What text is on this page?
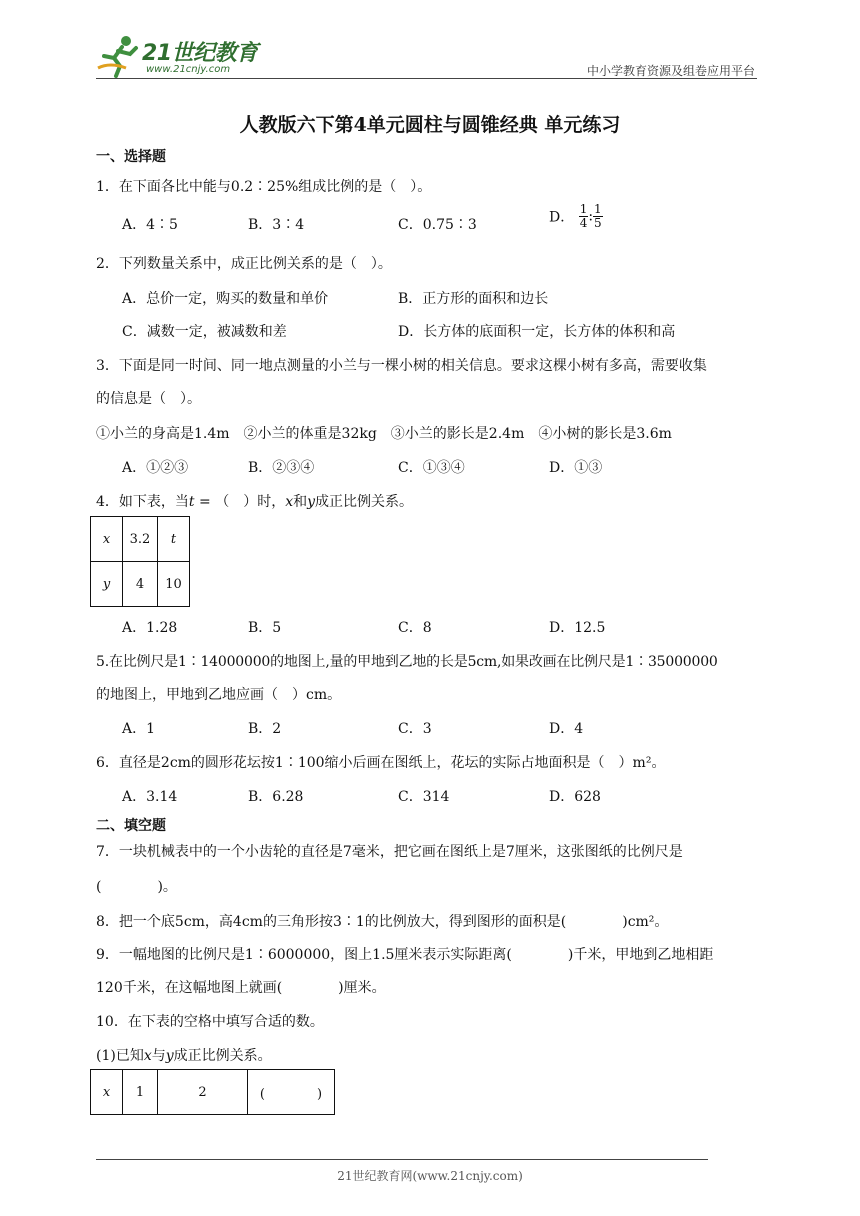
21世纪教育
www.21cnjy.com	中小学教育资源及组卷应用平台
人教版六下第4单元圆柱与圆锥经典 单元练习
一、选择题
1．在下面各比中能与0.2∶25%组成比例的是（　）。
A．4∶5	B．3∶4	C．0.75∶3	D． $\frac{1}{4}$ : $\frac{1}{5}$
2．下列数量关系中，成正比例关系的是（　）。
A．总价一定，购买的数量和单价	B．正方形的面积和边长
C．减数一定，被减数和差	D．长方体的底面积一定，长方体的体积和高
3．下面是同一时间、同一地点测量的小兰与一棵小树的相关信息。要求这棵小树有多高，需要收集
的信息是（　）。
①小兰的身高是1.4m　②小兰的体重是32kg　③小兰的影长是2.4m　④小树的影长是3.6m
A．①②③	B．②③④	C．①③④	D．①③
4．如下表，当t = （　）时，x和y成正比例关系。
x	3.2	t
y	4	10
A．1.28	B．5	C．8	D．12.5
5.在比例尺是1∶14000000的地图上,量的甲地到乙地的长是5cm,如果改画在比例尺是1∶35000000
的地图上，甲地到乙地应画（　）cm。
A．1	B．2	C．3	D．4
6．直径是2cm的圆形花坛按1∶100缩小后画在图纸上，花坛的实际占地面积是（　）m²。
A．3.14	B．6.28	C．314	D．628
二、填空题
7．一块机械表中的一个小齿轮的直径是7毫米，把它画在图纸上是7厘米，这张图纸的比例尺是
(　　　　)。
8．把一个底5cm，高4cm的三角形按3∶1的比例放大，得到图形的面积是(　　　　)cm²。
9．一幅地图的比例尺是1∶6000000，图上1.5厘米表示实际距离(　　　　)千米，甲地到乙地相距
120千米，在这幅地图上就画(　　　　)厘米。
10．在下表的空格中填写合适的数。
(1)已知x与y成正比例关系。
x	1	2	(　　　　)
21世纪教育网(www.21cnjy.com)
